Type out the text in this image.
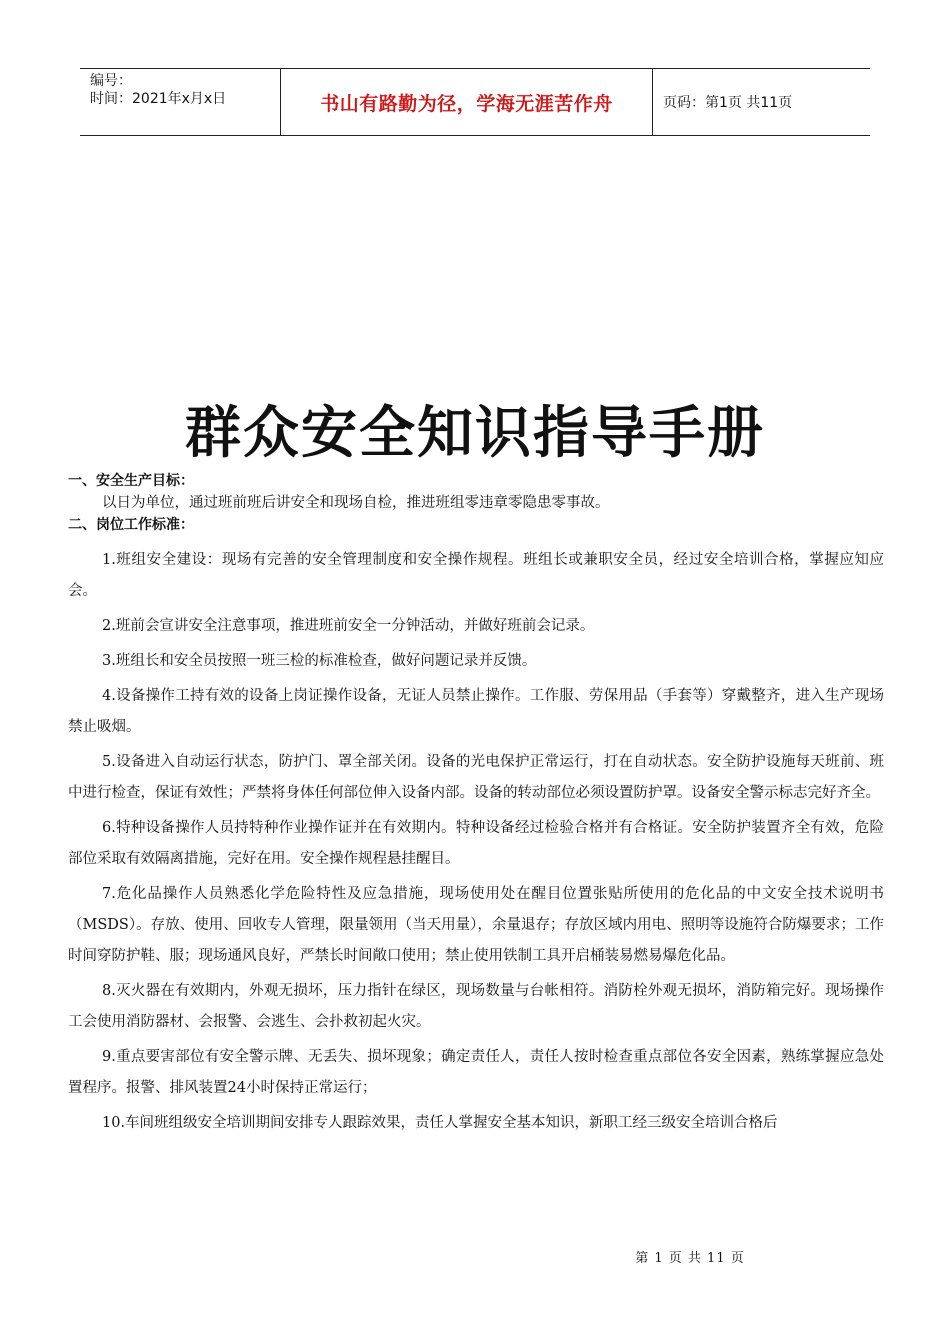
编号：
时间：2021年x月x日	书山有路勤为径，学海无涯苦作舟	页码：第1页 共11页
群众安全知识指导手册

一、安全生产目标：

以日为单位，通过班前班后讲安全和现场自检，推进班组零违章零隐患零事故。

二、岗位工作标准：

1.班组安全建设：现场有完善的安全管理制度和安全操作规程。班组长或兼职安全员，经过安全培训合格，掌握应知应会。

2.班前会宣讲安全注意事项，推进班前安全一分钟活动，并做好班前会记录。

3.班组长和安全员按照一班三检的标准检查，做好问题记录并反馈。

4.设备操作工持有效的设备上岗证操作设备，无证人员禁止操作。工作服、劳保用品（手套等）穿戴整齐，进入生产现场禁止吸烟。

5.设备进入自动运行状态，防护门、罩全部关闭。设备的光电保护正常运行，打在自动状态。安全防护设施每天班前、班中进行检查，保证有效性；严禁将身体任何部位伸入设备内部。设备的转动部位必须设置防护罩。设备安全警示标志完好齐全。

6.特种设备操作人员持特种作业操作证并在有效期内。特种设备经过检验合格并有合格证。安全防护装置齐全有效，危险部位采取有效隔离措施，完好在用。安全操作规程悬挂醒目。

7.危化品操作人员熟悉化学危险特性及应急措施，现场使用处在醒目位置张贴所使用的危化品的中文安全技术说明书（MSDS）。存放、使用、回收专人管理，限量领用（当天用量），余量退存；存放区域内用电、照明等设施符合防爆要求；工作时间穿防护鞋、服；现场通风良好，严禁长时间敞口使用；禁止使用铁制工具开启桶装易燃易爆危化品。

8.灭火器在有效期内，外观无损坏，压力指针在绿区，现场数量与台帐相符。消防栓外观无损坏，消防箱完好。现场操作工会使用消防器材、会报警、会逃生、会扑救初起火灾。

9.重点要害部位有安全警示牌、无丢失、损坏现象；确定责任人，责任人按时检查重点部位各安全因素，熟练掌握应急处置程序。报警、排风装置24小时保持正常运行；

10.车间班组级安全培训期间安排专人跟踪效果，责任人掌握安全基本知识，新职工经三级安全培训合格后

第 1 页 共 11 页
